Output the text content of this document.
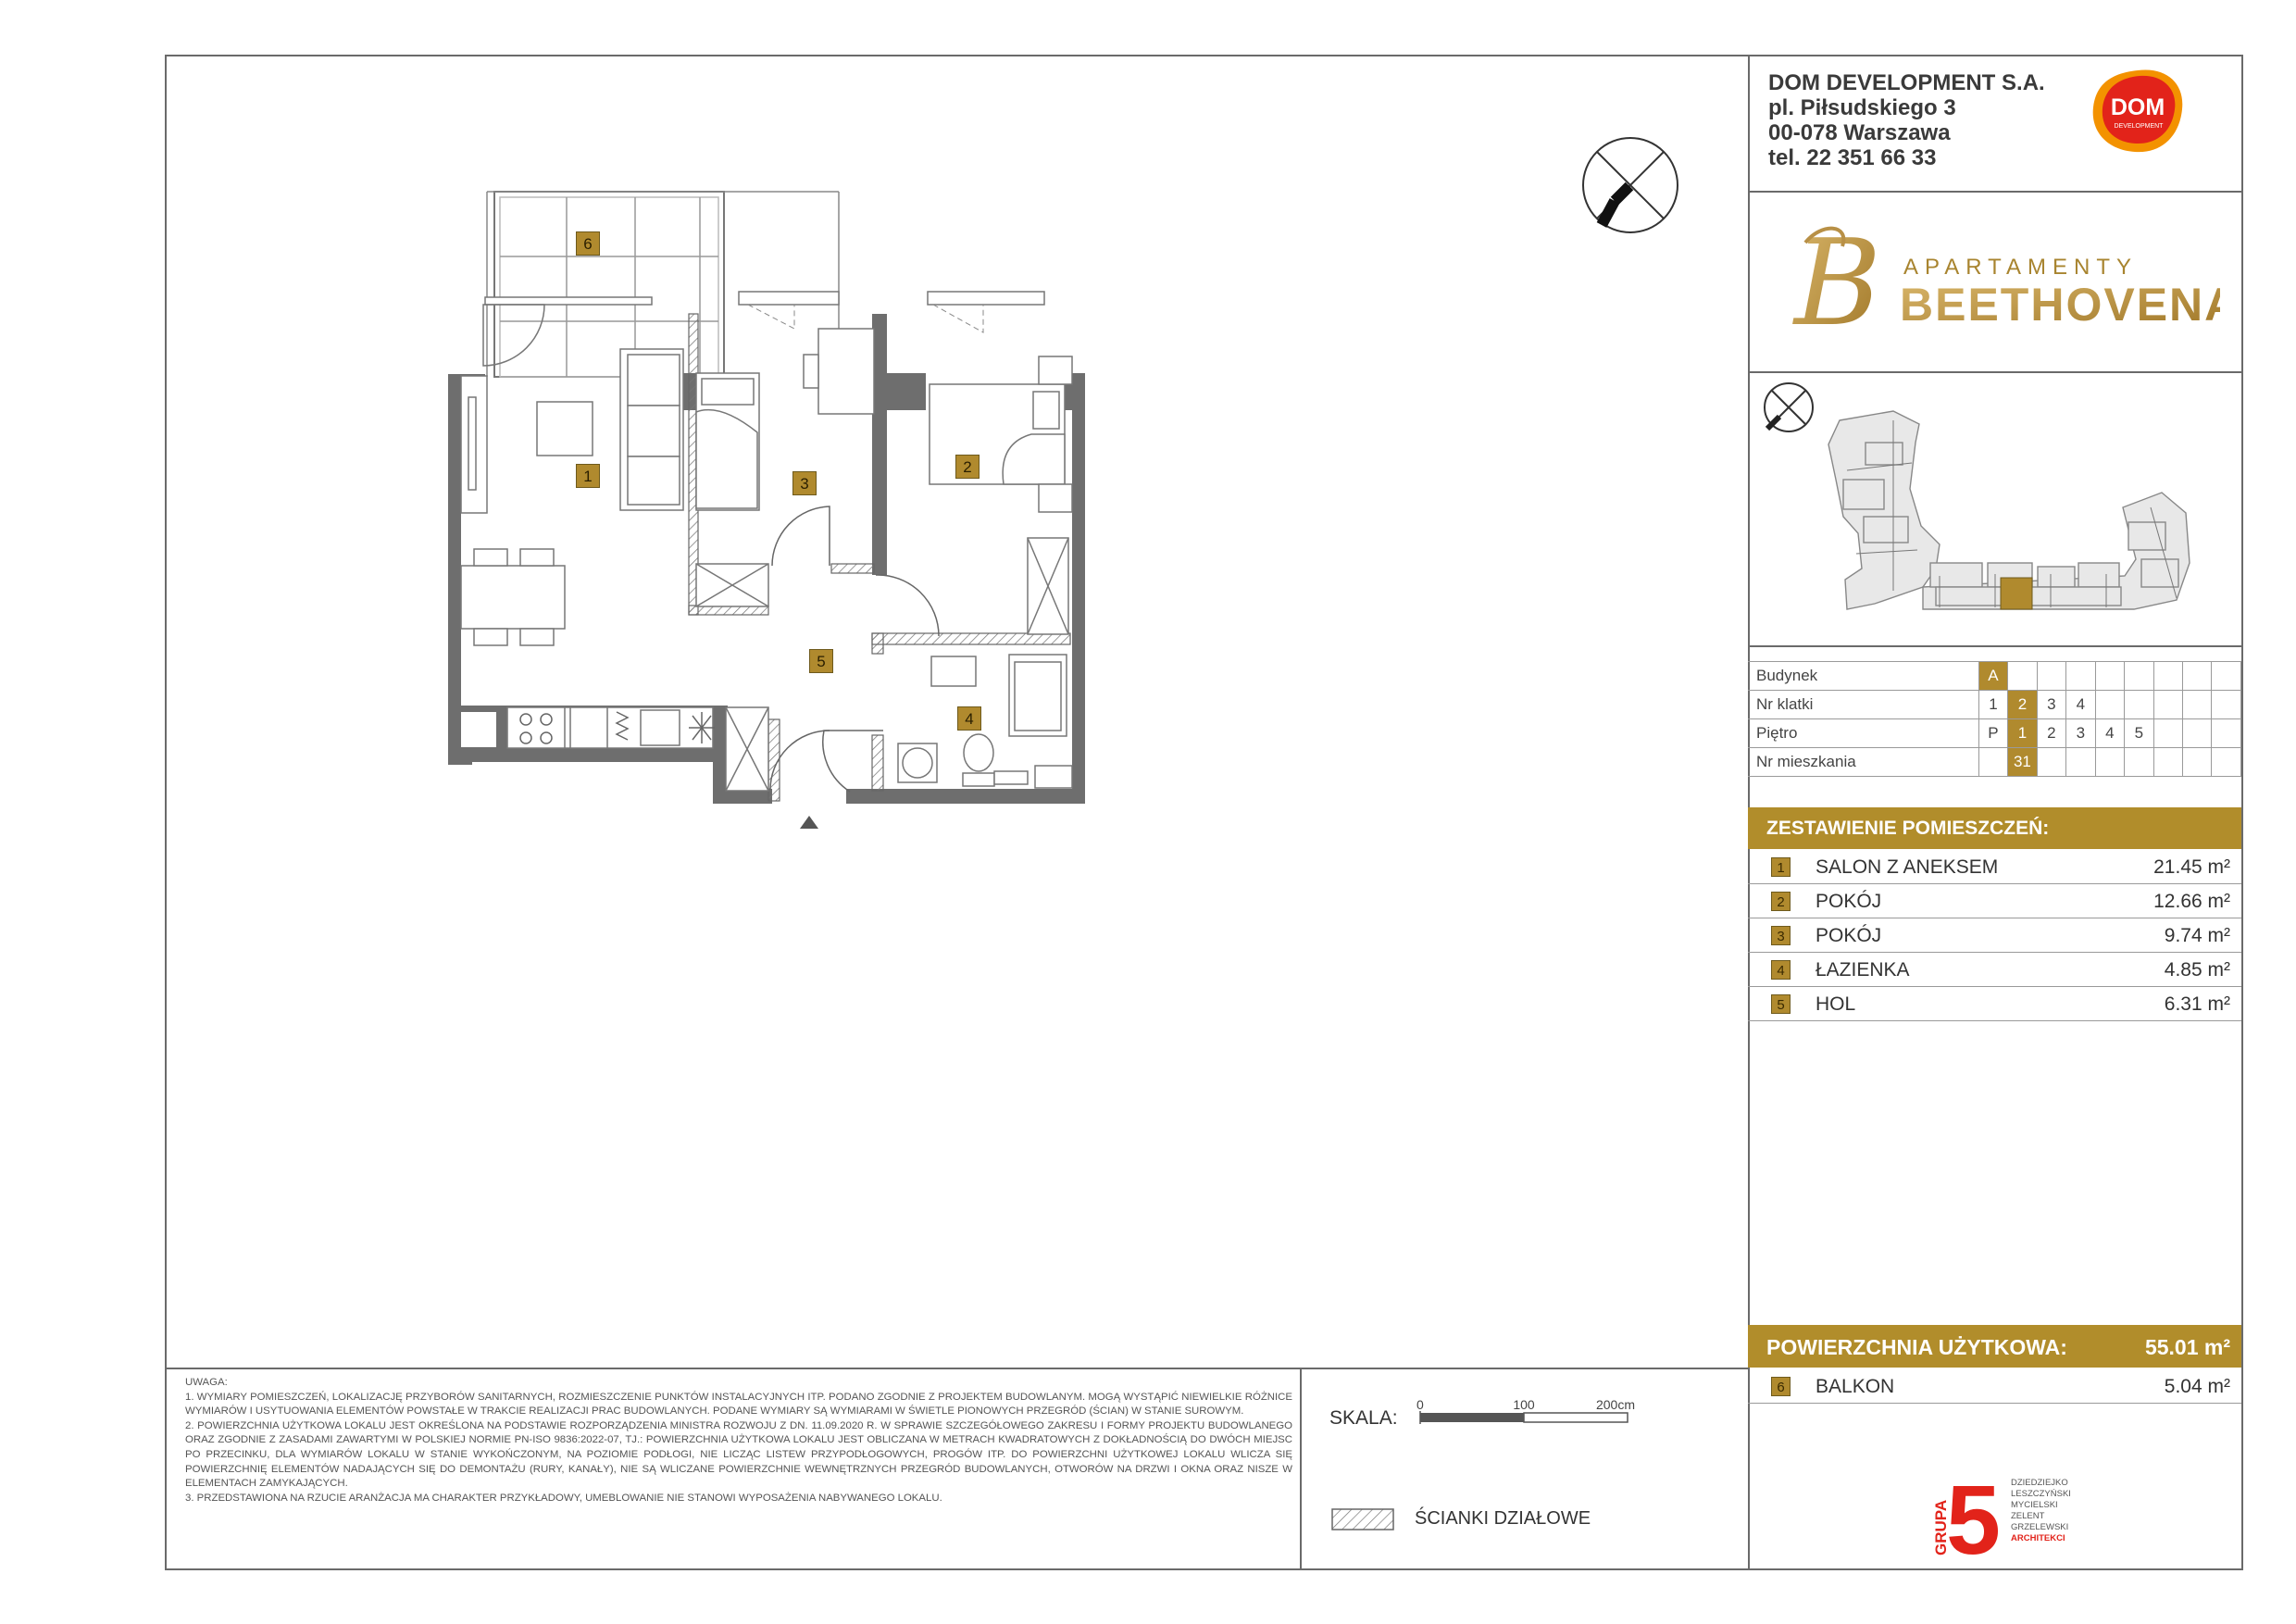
DOM DEVELOPMENT S.A.
pl. Piłsudskiego 3
00-078 Warszawa
tel. 22 351 66 33
DOM
DEVELOPMENT
B APARTAMENTY
BEETHOVENA
Budynek	A								
Nr klatki	1	2	3	4					
Piętro	P	1	2	3	4	5			
Nr mieszkania		31							
ZESTAWIENIE POMIESZCZEŃ:
1	SALON Z ANEKSEM	21.45 m²
2	POKÓJ	12.66 m²
3	POKÓJ	9.74 m²
4	ŁAZIENKA	4.85 m²
5	HOL	6.31 m²
POWIERZCHNIA UŻYTKOWA:	55.01 m²
6	BALKON	5.04 m²
GRUPA
5 DZIEDZIEJKO
LESZCZYŃSKI
MYCIELSKI
ZELENT
GRZELEWSKI
ARCHITEKCI

UWAGA:

1. WYMIARY POMIESZCZEŃ, LOKALIZACJĘ PRZYBORÓW SANITARNYCH, ROZMIESZCZENIE PUNKTÓW INSTALACYJNYCH ITP. PODANO ZGODNIE Z PROJEKTEM BUDOWLANYM. MOGĄ WYSTĄPIĆ NIEWIELKIE RÓŻNICE WYMIARÓW I USYTUOWANIA ELEMENTÓW POWSTAŁE W TRAKCIE REALIZACJI PRAC BUDOWLANYCH. PODANE WYMIARY SĄ WYMIARAMI W ŚWIETLE PIONOWYCH PRZEGRÓD (ŚCIAN) W STANIE SUROWYM.

2. POWIERZCHNIA UŻYTKOWA LOKALU JEST OKREŚLONA NA PODSTAWIE ROZPORZĄDZENIA MINISTRA ROZWOJU Z DN. 11.09.2020 R. W SPRAWIE SZCZEGÓŁOWEGO ZAKRESU I FORMY PROJEKTU BUDOWLANEGO ORAZ ZGODNIE Z ZASADAMI ZAWARTYMI W POLSKIEJ NORMIE PN-ISO 9836:2022-07, TJ.: POWIERZCHNIA UŻYTKOWA LOKALU JEST OBLICZANA W METRACH KWADRATOWYCH Z DOKŁADNOŚCIĄ DO DWÓCH MIEJSC PO PRZECINKU, DLA WYMIARÓW LOKALU W STANIE WYKOŃCZONYM, NA POZIOMIE PODŁOGI, NIE LICZĄC LISTEW PRZYPODŁOGOWYCH, PROGÓW ITP. DO POWIERZCHNI UŻYTKOWEJ LOKALU WLICZA SIĘ POWIERZCHNIĘ ELEMENTÓW NADAJĄCYCH SIĘ DO DEMONTAŻU (RURY, KANAŁY), NIE SĄ WLICZANE POWIERZCHNIE WEWNĘTRZNYCH PRZEGRÓD BUDOWLANYCH, OTWORÓW NA DRZWI I OKNA ORAZ NISZE W ELEMENTACH ZAMYKAJĄCYCH.

3. PRZEDSTAWIONA NA RZUCIE ARANŻACJA MA CHARAKTER PRZYKŁADOWY, UMEBLOWANIE NIE STANOWI WYPOSAŻENIA NABYWANEGO LOKALU.

SKALA:
0	100	200cm
ŚCIANKI DZIAŁOWE
6
1
2
3
4
5
